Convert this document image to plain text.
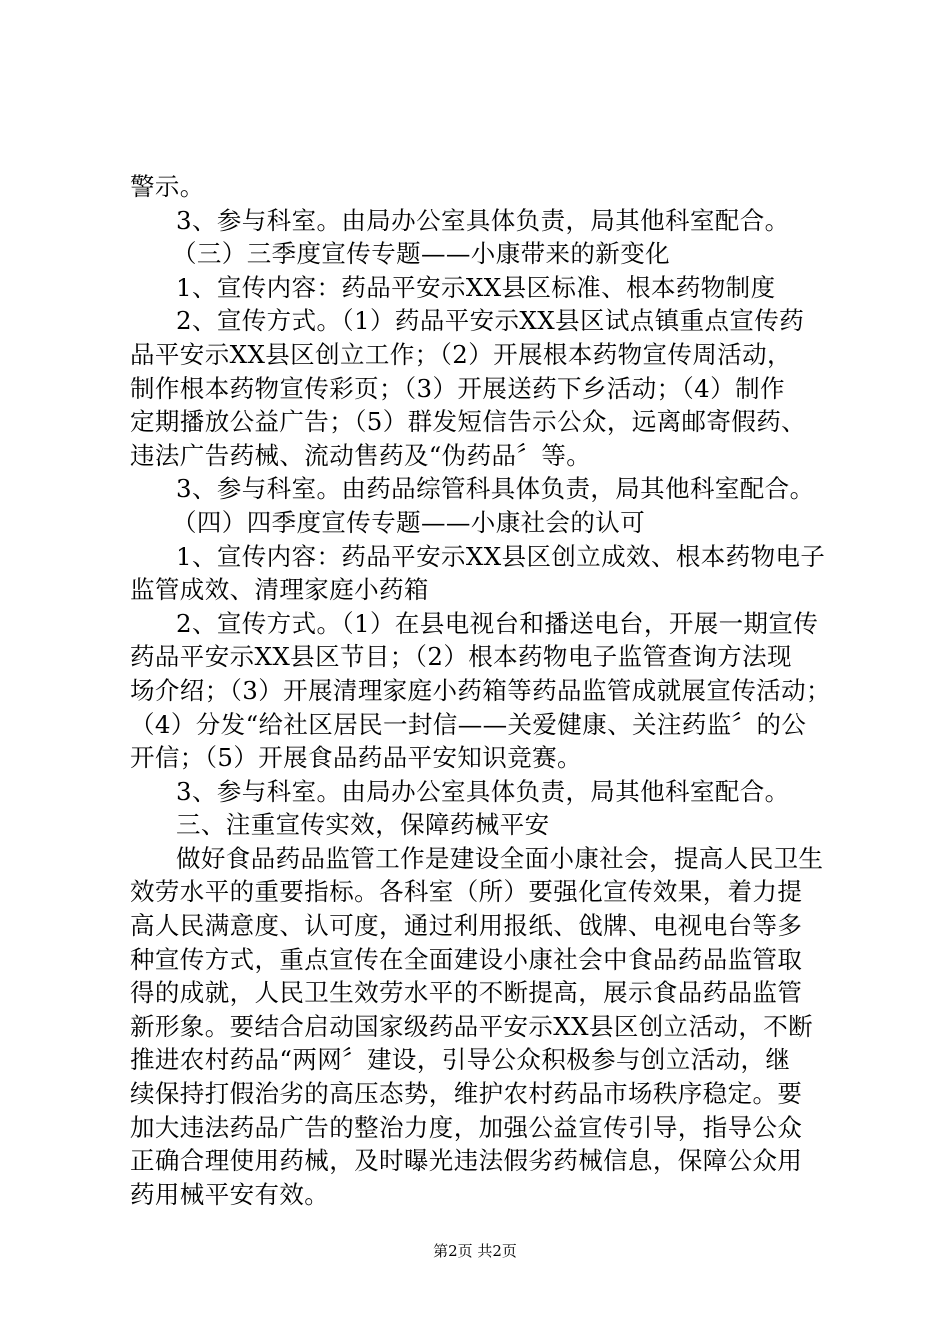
警示。
3、参与科室。由局办公室具体负责，局其他科室配合。
（三）三季度宣传专题——小康带来的新变化
1、宣传内容：药品平安示XX县区标准、根本药物制度
2、宣传方式。（1）药品平安示XX县区试点镇重点宣传药
品平安示XX县区创立工作；（2）开展根本药物宣传周活动，
制作根本药物宣传彩页；（3）开展送药下乡活动；（4）制作
定期播放公益广告；（5）群发短信告示公众，远离邮寄假药、
违法广告药械、流动售药及“伪药品〞等。
3、参与科室。由药品综管科具体负责，局其他科室配合。
（四）四季度宣传专题——小康社会的认可
1、宣传内容：药品平安示XX县区创立成效、根本药物电子
监管成效、清理家庭小药箱
2、宣传方式。（1）在县电视台和播送电台，开展一期宣传
药品平安示XX县区节目；（2）根本药物电子监管查询方法现
场介绍；（3）开展清理家庭小药箱等药品监管成就展宣传活动；
（4）分发“给社区居民一封信——关爱健康、关注药监〞的公
开信；（5）开展食品药品平安知识竞赛。
3、参与科室。由局办公室具体负责，局其他科室配合。
三、注重宣传实效，保障药械平安
做好食品药品监管工作是建设全面小康社会，提高人民卫生
效劳水平的重要指标。各科室（所）要强化宣传效果，着力提
高人民满意度、认可度，通过利用报纸、戗牌、电视电台等多
种宣传方式，重点宣传在全面建设小康社会中食品药品监管取
得的成就，人民卫生效劳水平的不断提高，展示食品药品监管
新形象。要结合启动国家级药品平安示XX县区创立活动，不断
推进农村药品“两网〞建设，引导公众积极参与创立活动，继
续保持打假治劣的高压态势，维护农村药品市场秩序稳定。要
加大违法药品广告的整治力度，加强公益宣传引导，指导公众
正确合理使用药械，及时曝光违法假劣药械信息，保障公众用
药用械平安有效。
第2页 共2页
